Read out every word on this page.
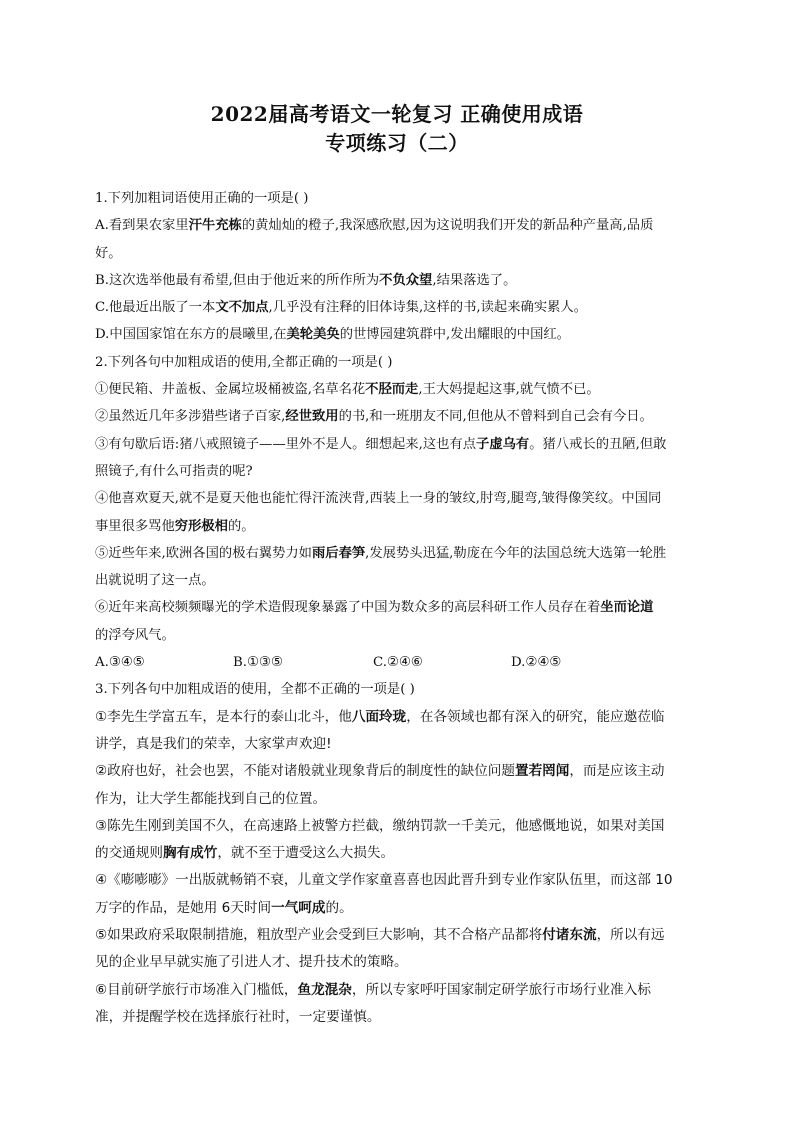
2022届高考语文一轮复习 正确使用成语
专项练习（二）
1.下列加粗词语使用正确的一项是( )
A.看到果农家里汗牛充栋的黄灿灿的橙子,我深感欣慰,因为这说明我们开发的新品种产量高,品质
好。
B.这次选举他最有希望,但由于他近来的所作所为不负众望,结果落选了。
C.他最近出版了一本文不加点,几乎没有注释的旧体诗集,这样的书,读起来确实累人。
D.中国国家馆在东方的晨曦里,在美轮美奂的世博园建筑群中,发出耀眼的中国红。
2.下列各句中加粗成语的使用,全都正确的一项是( )
①便民箱、井盖板、金属垃圾桶被盗,名草名花不胫而走,王大妈提起这事,就气愤不已。
②虽然近几年多涉猎些诸子百家,经世致用的书,和一班朋友不同,但他从不曾料到自己会有今日。
③有句歇后语:猪八戒照镜子——里外不是人。细想起来,这也有点子虚乌有。猪八戒长的丑陋,但敢
照镜子,有什么可指责的呢?
④他喜欢夏天,就不是夏天他也能忙得汗流浃背,西装上一身的皱纹,肘弯,腿弯,皱得像笑纹。中国同
事里很多骂他穷形极相的。
⑤近些年来,欧洲各国的极右翼势力如雨后春笋,发展势头迅猛,勒庞在今年的法国总统大选第一轮胜
出就说明了这一点。
⑥近年来高校频频曝光的学术造假现象暴露了中国为数众多的高层科研工作人员存在着坐而论道
的浮夸风气。
A.③④⑤	B.①③⑤	C.②④⑥	D.②④⑤
3.下列各句中加粗成语的使用，全都不正确的一项是( )
①李先生学富五车，是本行的泰山北斗，他八面玲珑，在各领域也都有深入的研究，能应邀莅临
讲学，真是我们的荣幸，大家掌声欢迎!
②政府也好，社会也罢，不能对诸般就业现象背后的制度性的缺位问题置若罔闻，而是应该主动
作为，让大学生都能找到自己的位置。
③陈先生刚到美国不久，在高速路上被警方拦截，缴纳罚款一千美元，他感慨地说，如果对美国
的交通规则胸有成竹，就不至于遭受这么大损失。
④《嘭嘭嘭》一出版就畅销不衰，儿童文学作家童喜喜也因此晋升到专业作家队伍里，而这部 10
万字的作品，是她用 6天时间一气呵成的。
⑤如果政府采取限制措施，粗放型产业会受到巨大影响，其不合格产品都将付诸东流，所以有远
见的企业早早就实施了引进人才、提升技术的策略。
⑥目前研学旅行市场准入门槛低，鱼龙混杂，所以专家呼吁国家制定研学旅行市场行业准入标
准，并提醒学校在选择旅行社时，一定要谨慎。
